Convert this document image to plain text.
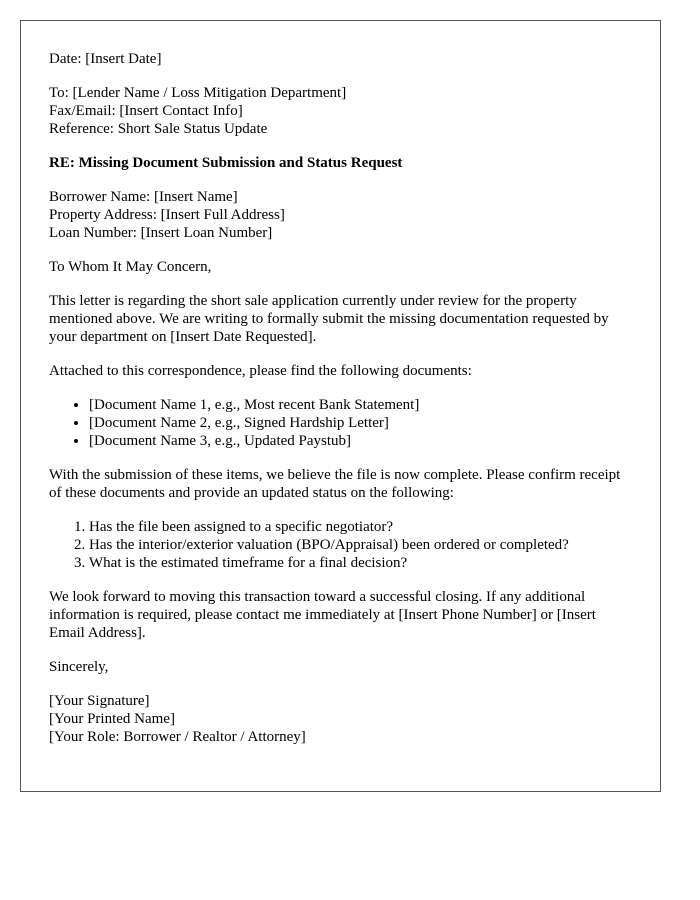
Date: [Insert Date]

To: [Lender Name / Loss Mitigation Department]
Fax/Email: [Insert Contact Info]
Reference: Short Sale Status Update

RE: Missing Document Submission and Status Request

Borrower Name: [Insert Name]
Property Address: [Insert Full Address]
Loan Number: [Insert Loan Number]

To Whom It May Concern,

This letter is regarding the short sale application currently under review for the property mentioned above. We are writing to formally submit the missing documentation requested by your department on [Insert Date Requested].

Attached to this correspondence, please find the following documents:

• [Document Name 1, e.g., Most recent Bank Statement]
• [Document Name 2, e.g., Signed Hardship Letter]
• [Document Name 3, e.g., Updated Paystub]

With the submission of these items, we believe the file is now complete. Please confirm receipt of these documents and provide an updated status on the following:

1. Has the file been assigned to a specific negotiator?
2. Has the interior/exterior valuation (BPO/Appraisal) been ordered or completed?
3. What is the estimated timeframe for a final decision?

We look forward to moving this transaction toward a successful closing. If any additional information is required, please contact me immediately at [Insert Phone Number] or [Insert Email Address].

Sincerely,

[Your Signature]
[Your Printed Name]
[Your Role: Borrower / Realtor / Attorney]
